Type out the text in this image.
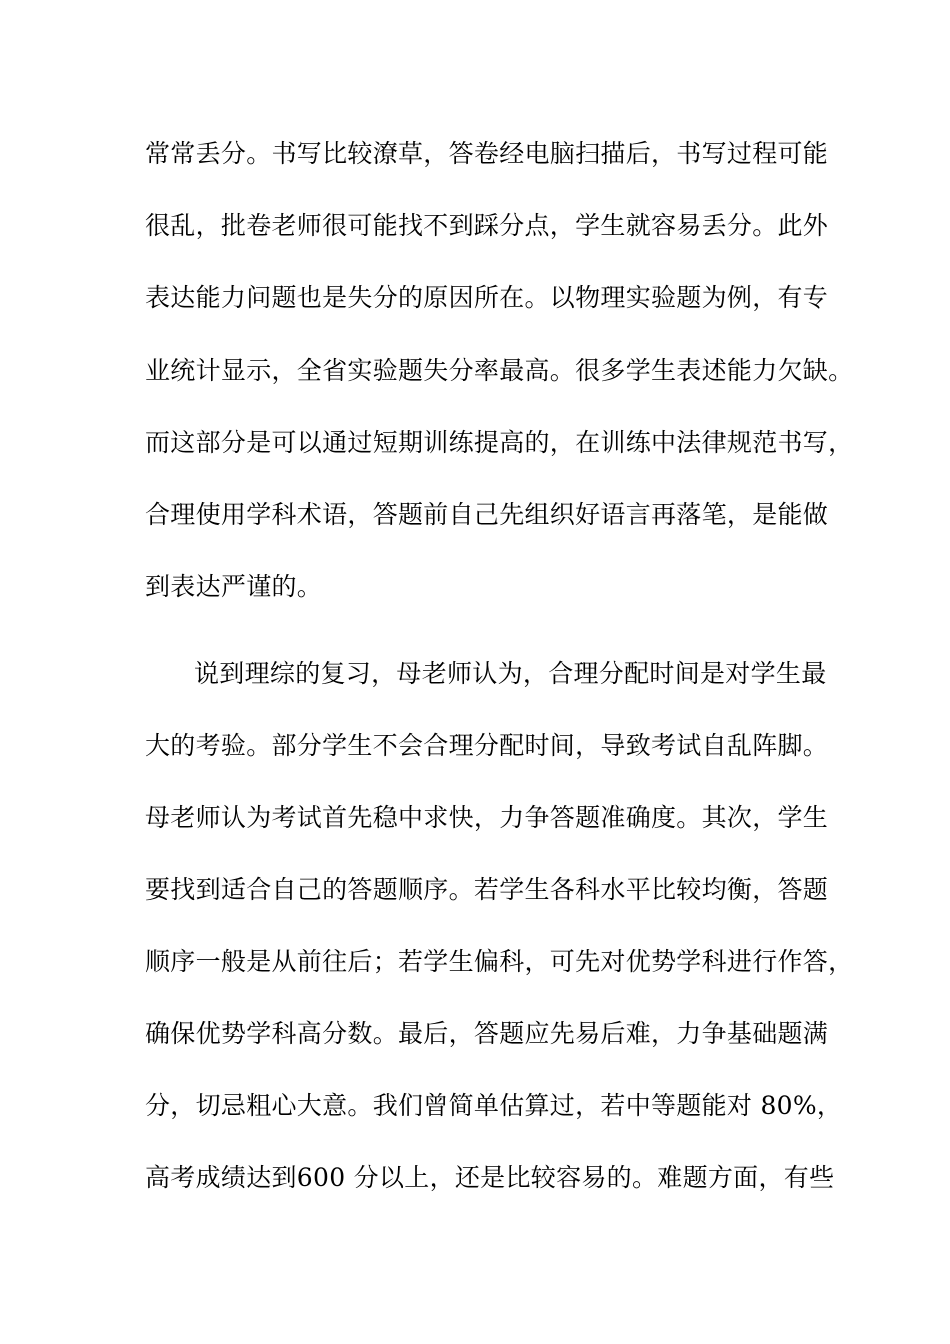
常常丢分。书写比较潦草，答卷经电脑扫描后，书写过程可能
很乱，批卷老师很可能找不到踩分点，学生就容易丢分。此外
表达能力问题也是失分的原因所在。以物理实验题为例，有专
业统计显示，全省实验题失分率最高。很多学生表述能力欠缺。
而这部分是可以通过短期训练提高的，在训练中法律规范书写，
合理使用学科术语，答题前自己先组织好语言再落笔，是能做
到表达严谨的。
说到理综的复习，母老师认为，合理分配时间是对学生最
大的考验。部分学生不会合理分配时间，导致考试自乱阵脚。
母老师认为考试首先稳中求快，力争答题准确度。其次，学生
要找到适合自己的答题顺序。若学生各科水平比较均衡，答题
顺序一般是从前往后；若学生偏科，可先对优势学科进行作答，
确保优势学科高分数。最后，答题应先易后难，力争基础题满
分，切忌粗心大意。我们曾简单估算过，若中等题能对 80%，
高考成绩达到600 分以上，还是比较容易的。难题方面，有些
